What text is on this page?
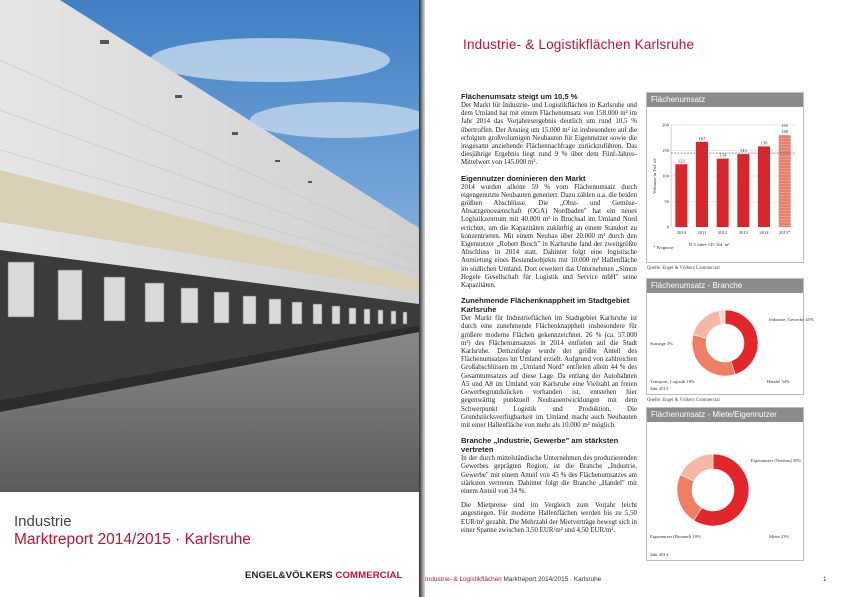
Industrie
Marktreport 2014/2015 · Karlsruhe
ENGEL&VÖLKERS COMMERCIAL
Industrie- & Logistikflächen Karlsruhe
Flächenumsatz steigt um 10,5 %

Der Markt für Industrie- und Logistikflächen in Karlsruhe und dem Umland hat mit einem Flächenumsatz von 158.000 m² im Jahr 2014 das Vorjahresergebnis deutlich um rund 10,5 % übertroffen. Der Anstieg um 15.000 m² ist insbesondere auf die erfolgten großvolumigen Neubauten für Eigennutzer sowie die insgesamt anziehende Flächennachfrage zurückzuführen. Das diesjährige Ergebnis liegt rund 9 % über dem Fünf-Jahres-Mittelwert von 145.000 m².

Eigennutzer dominieren den Markt

2014 wurden alleine 59 % vom Flächenumsatz durch eigengenutzte Neubauten generiert. Dazu zählen u.a. die beiden größten Abschlüsse. Die „Obst- und Gemüse-Absatzgenossenschaft (OGA) Nordbaden" hat ein neues Logistikzentrum mit 40.000 m² in Bruchsal im Umland Nord errichtet, um die Kapazitäten zukünftig an einem Standort zu konzentrieren. Mit einem Neubau über 20.000 m² durch den Eigennutzer „Robert Bosch" in Karlsruhe fand der zweitgrößte Abschluss in 2014 statt. Dahinter folgt eine logistische Anmietung eines Bestandsobjekts mit 10.000 m² Hallenfläche im südlichen Umland. Dort erweitert das Unternehmen „Simon Hegele Gesellschaft für Logistik und Service mbH" seine Kapazitäten.

Zunehmende Flächenknappheit im Stadtgebiet Karlsruhe

Der Markt für Industrieflächen im Stadtgebiet Karlsruhe ist durch eine zunehmende Flächenknappheit insbesondere für größere moderne Flächen gekennzeichnet. 26 % (ca. 57.000 m²) des Flächenumsatzes in 2014 entfielen auf die Stadt Karlsruhe. Demzufolge wurde der größte Anteil des Flächenumsatzes im Umland erzielt. Aufgrund von zahlreichen Großabschlüssen im „Umland Nord" entfielen allein 44 % des Gesamtumsatzes auf diese Lage. Da entlang der Autobahnen A5 und A8 im Umland von Karlsruhe eine Vielzahl an freien Gewerbegrundstücken vorhanden ist, entstehen hier gegenwärtig punktuell Neubauentwicklungen mit dem Schwerpunkt Logistik und Produktion. Die Grundstücksverfügbarkeit im Umland macht auch Neubauten mit einer Hallenfläche von mehr als 10.000 m² möglich.

Branche „Industrie, Gewerbe" am stärksten vertreten

In der durch mittelständische Unternehmen des produzierenden Gewerbes geprägten Region, ist die Branche „Industrie, Gewerbe" mit einem Anteil von 45 % des Flächenumsatzes am stärksten vertreten. Dahinter folgt die Branche „Handel" mit einem Anteil von 34 %.

Die Mietpreise sind im Vergleich zum Vorjahr leicht angestiegen. Für moderne Hallenflächen werden bis zu 5,50 EUR/m² gezahlt. Die Mehrzahl der Mietverträge bewegt sich in einer Spanne zwischen 3,50 EUR/m² und 4,50 EUR/m².

Flächenumsatz
0
50
100
150
200
Volumen in Tsd. m²	123
2010
167
2011
134
2012
143
2013
158
2014
180
165
2015*
* Prognose
Ø 5 Jahre 145 Tsd. m²
Quelle: Engel & Völkers Commercial
Flächenumsatz - Branche
Industrie, Gewerbe 45%
Handel 34%
Transport, Logistik 18%
Sonstige 3%
Jahr 2014
Quelle: Engel & Völkers Commercial
Flächenumsatz - Miete/Eigennutzer
Eigennutzer (Neubau) 59%
Miete 23%
Eigennutzer (Bestand) 18%
Jahr 2014
Industrie- & Logistikflächen Marktreport 2014/2015 · Karlsruhe	1
